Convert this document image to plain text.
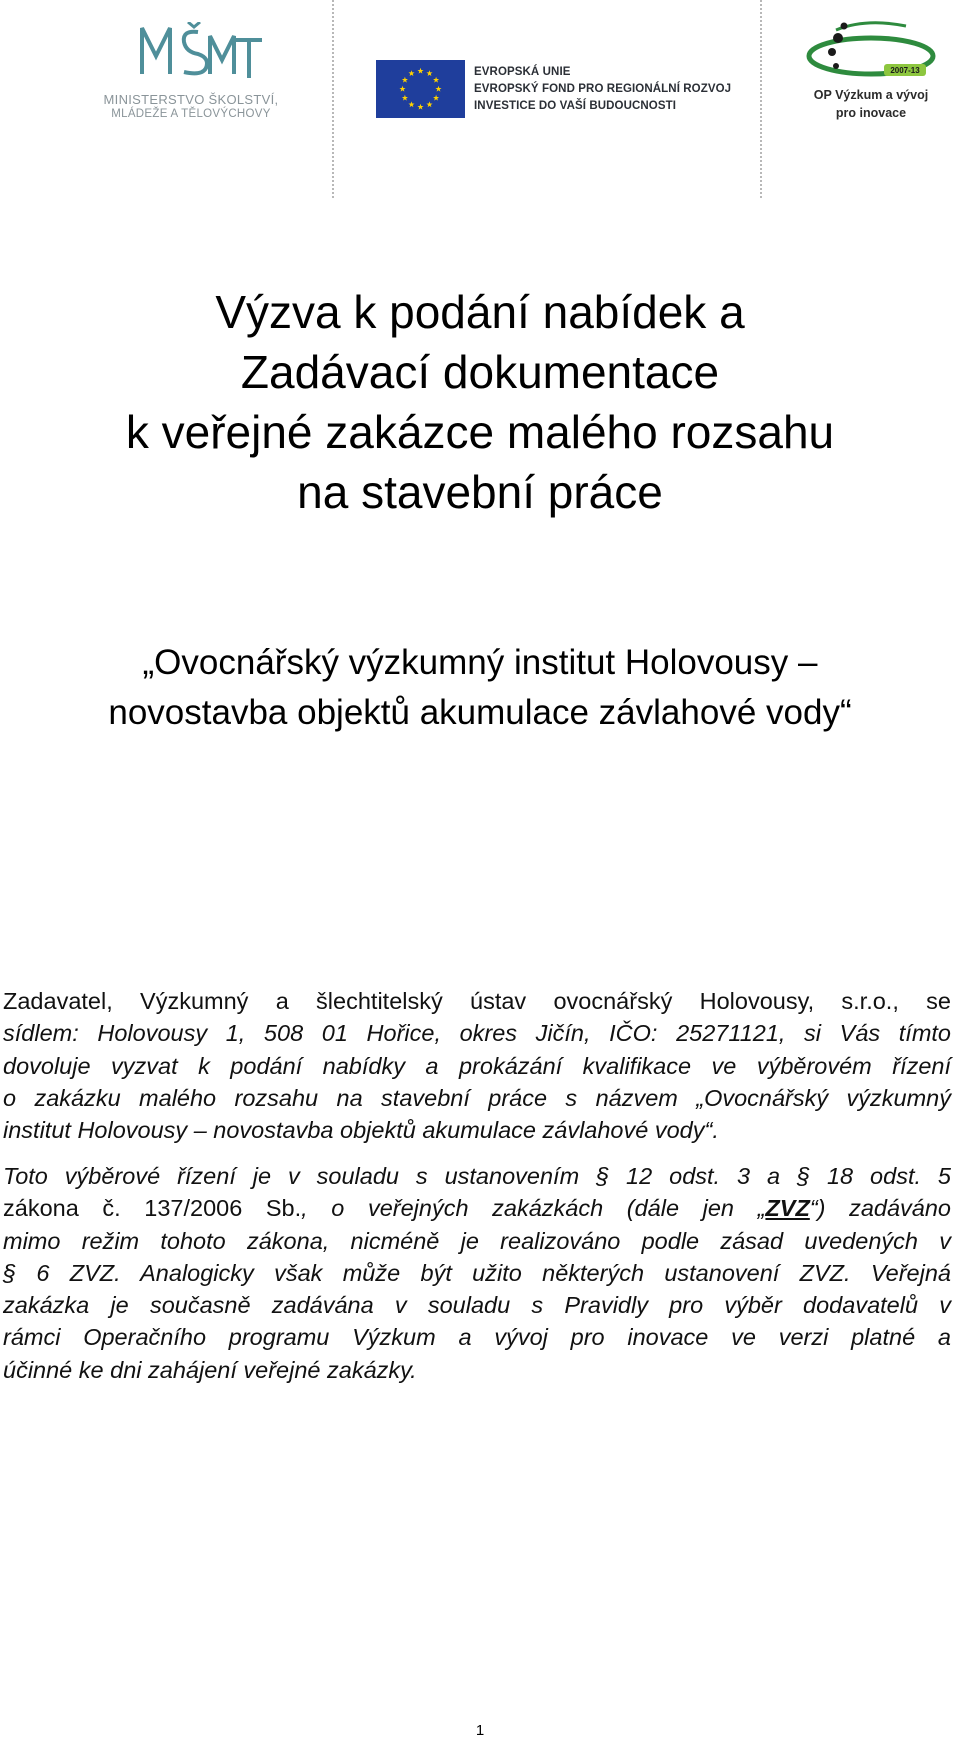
MINISTERSTVO ŠKOLSTVÍ,
MLÁDEŽE A TĚLOVÝCHOVY
EVROPSKÁ UNIE
EVROPSKÝ FOND PRO REGIONÁLNÍ ROZVOJ
INVESTICE DO VAŠÍ BUDOUCNOSTI
2007-13
OP Výzkum a vývoj
pro inovace
Výzva k podání nabídek a
Zadávací dokumentace
k veřejné zakázce malého rozsahu
na stavební práce
„Ovocnářský výzkumný institut Holovousy –
novostavba objektů akumulace závlahové vody“
Zadavatel, Výzkumný a šlechtitelský ústav ovocnářský Holovousy, s.r.o., se
sídlem: Holovousy 1, 508 01 Hořice, okres Jičín, IČO: 25271121, si Vás tímto
dovoluje vyzvat k podání nabídky a prokázání kvalifikace ve výběrovém řízení
o zakázku malého rozsahu na stavební práce s názvem „Ovocnářský výzkumný
institut Holovousy – novostavba objektů akumulace závlahové vody“.
Toto výběrové řízení je v souladu s ustanovením § 12 odst. 3 a § 18 odst. 5
zákona č. 137/2006 Sb., o veřejných zakázkách (dále jen „ZVZ“) zadáváno
mimo režim tohoto zákona, nicméně je realizováno podle zásad uvedených v
§ 6 ZVZ. Analogicky však může být užito některých ustanovení ZVZ. Veřejná
zakázka je současně zadávána v souladu s Pravidly pro výběr dodavatelů v
rámci Operačního programu Výzkum a vývoj pro inovace ve verzi platné a
účinné ke dni zahájení veřejné zakázky.
1
